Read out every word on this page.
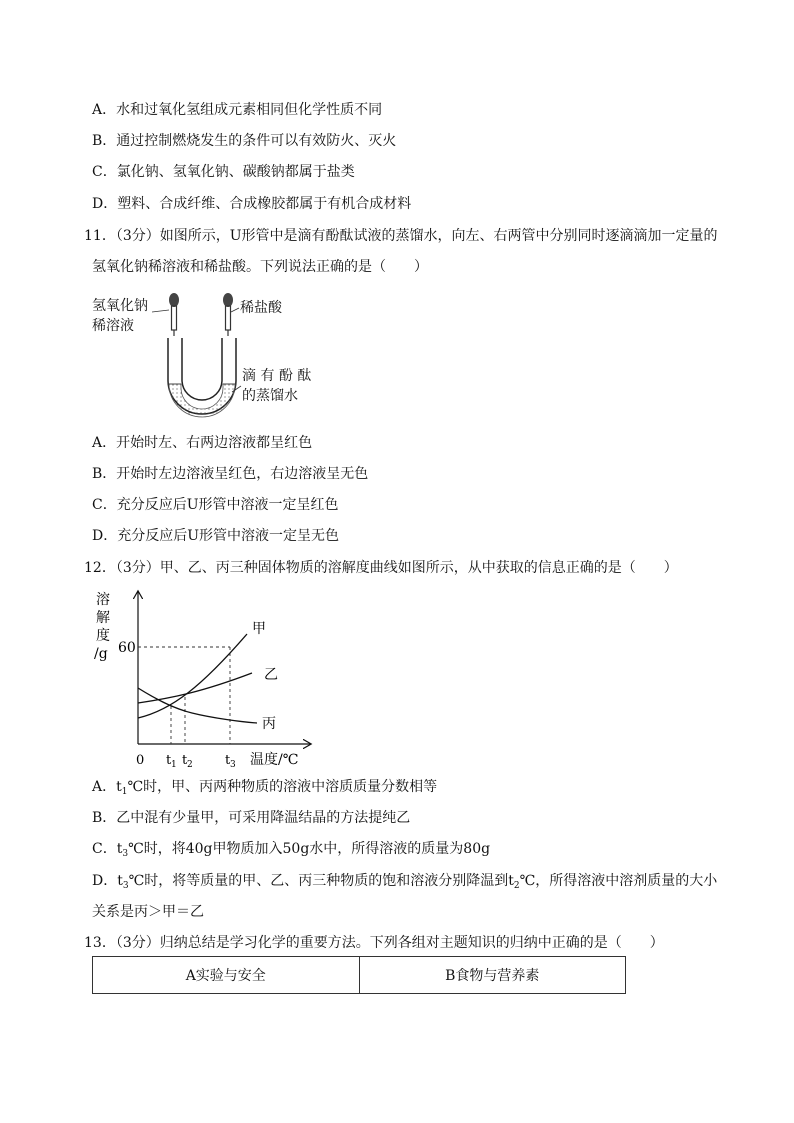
A．水和过氧化氢组成元素相同但化学性质不同
B．通过控制燃烧发生的条件可以有效防火、灭火
C．氯化钠、氢氧化钠、碳酸钠都属于盐类
D．塑料、合成纤维、合成橡胶都属于有机合成材料
11．（3分）如图所示，U形管中是滴有酚酞试液的蒸馏水，向左、右两管中分别同时逐滴滴加一定量的
氢氧化钠稀溶液和稀盐酸。下列说法正确的是（　　）
氢氧化钠
稀溶液
稀盐酸
滴 有 酚 酞
的蒸馏水
A．开始时左、右两边溶液都呈红色
B．开始时左边溶液呈红色，右边溶液呈无色
C．充分反应后U形管中溶液一定呈红色
D．充分反应后U形管中溶液一定呈无色
12．（3分）甲、乙、丙三种固体物质的溶解度曲线如图所示，从中获取的信息正确的是（　　）
溶
解
度
/g 60
甲
乙
丙
0 t 1 t 2 t 3 温度/℃
A．$t_1℃$时，甲、丙两种物质的溶液中溶质质量分数相等
B．乙中混有少量甲，可采用降温结晶的方法提纯乙
C．$t_3℃$时，将40g甲物质加入50g水中，所得溶液的质量为80g
D．$t_3℃$时，将等质量的甲、乙、丙三种物质的饱和溶液分别降温到$t_2℃$，所得溶液中溶剂质量的大小
关系是丙＞甲＝乙
13．（3分）归纳总结是学习化学的重要方法。下列各组对主题知识的归纳中正确的是（　　）
A实验与安全	B食物与营养素
